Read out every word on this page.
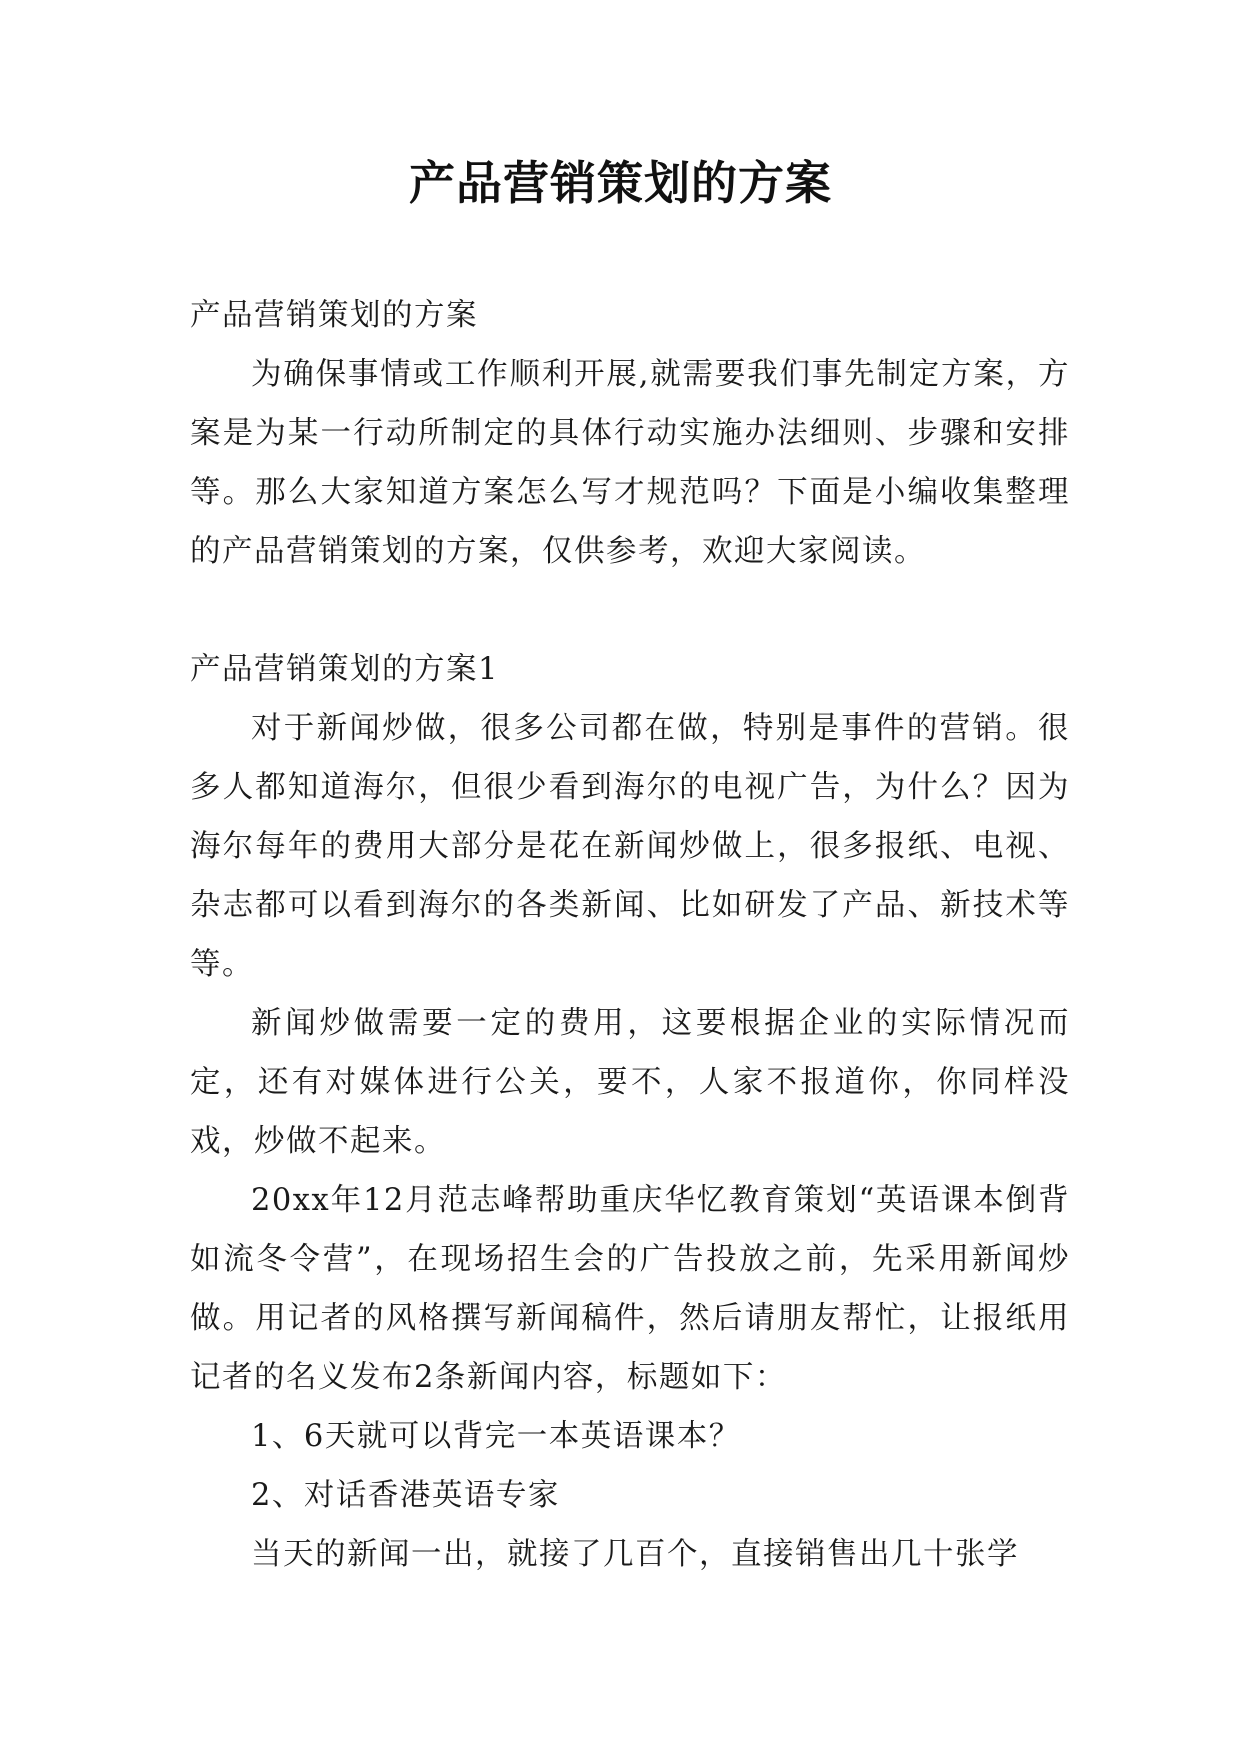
产品营销策划的方案

产品营销策划的方案

为确保事情或工作顺利开展,就需要我们事先制定方案，方案是为某一行动所制定的具体行动实施办法细则、步骤和安排等。那么大家知道方案怎么写才规范吗？下面是小编收集整理的产品营销策划的方案，仅供参考，欢迎大家阅读。

产品营销策划的方案1

对于新闻炒做，很多公司都在做，特别是事件的营销。很多人都知道海尔，但很少看到海尔的电视广告，为什么？因为海尔每年的费用大部分是花在新闻炒做上，很多报纸、电视、杂志都可以看到海尔的各类新闻、比如研发了产品、新技术等等。

新闻炒做需要一定的费用，这要根据企业的实际情况而定，还有对媒体进行公关，要不，人家不报道你，你同样没戏，炒做不起来。

20xx年12月范志峰帮助重庆华忆教育策划“英语课本倒背如流冬令营”，在现场招生会的广告投放之前，先采用新闻炒做。用记者的风格撰写新闻稿件，然后请朋友帮忙，让报纸用记者的名义发布2条新闻内容，标题如下：

1、6天就可以背完一本英语课本？

2、对话香港英语专家

当天的新闻一出，就接了几百个，直接销售出几十张学
